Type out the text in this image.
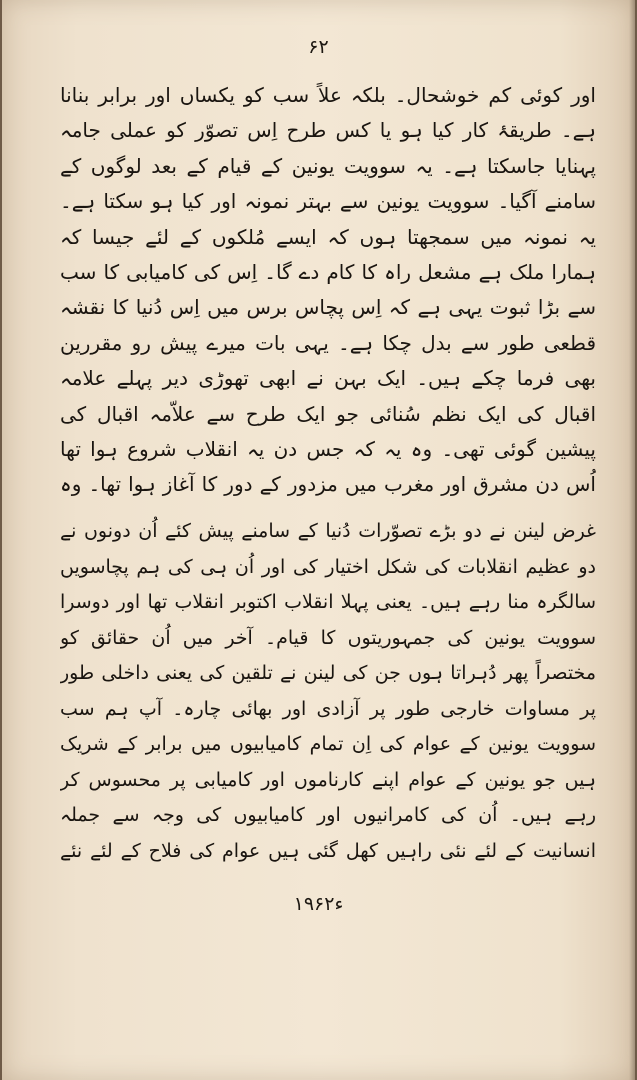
۶۲

اور کوئی کم خوشحال۔ بلکہ علاً سب کو یکساں اور برابر بنانا ہے۔ طریقۂ کار کیا ہو یا کس طرح اِس تصوّر کو عملی جامہ پہنایا جاسکتا ہے۔ یہ سوویت یونین کے قیام کے بعد لوگوں کے سامنے آگیا۔ سوویت یونین سے بہتر نمونہ اور کیا ہو سکتا ہے۔ یہ نمونہ میں سمجھتا ہوں کہ ایسے مُلکوں کے لئے جیسا کہ ہمارا ملک ہے مشعل راہ کا کام دے گا۔ اِس کی کامیابی کا سب سے بڑا ثبوت یہی ہے کہ اِس پچاس برس میں اِس دُنیا کا نقشہ قطعی طور سے بدل چکا ہے۔ یہی بات میرے پیش رو مقررین بھی فرما چکے ہیں۔ ایک بہن نے ابھی تھوڑی دیر پہلے علامہ اقبال کی ایک نظم سُنائی جو ایک طرح سے علاّمہ اقبال کی پیشین گوئی تھی۔ وہ یہ کہ جس دن یہ انقلاب شروع ہوا تھا اُس دن مشرق اور مغرب میں مزدور کے دور کا آغاز ہوا تھا۔ وہ

غرض لینن نے دو بڑے تصوّرات دُنیا کے سامنے پیش کئے اُن دونوں نے دو عظیم انقلابات کی شکل اختیار کی اور اُن ہی کی ہم پچاسویں سالگرہ منا رہے ہیں۔ یعنی پہلا انقلاب اکتوبر انقلاب تھا اور دوسرا سوویت یونین کی جمہوریتوں کا قیام۔ آخر میں اُن حقائق کو مختصراً پھر دُہراتا ہوں جن کی لینن نے تلقین کی یعنی داخلی طور پر مساوات خارجی طور پر آزادی اور بھائی چارہ۔ آپ ہم سب سوویت یونین کے عوام کی اِن تمام کامیابیوں میں برابر کے شریک ہیں جو یونین کے عوام اپنے کارناموں اور کامیابی پر محسوس کر رہے ہیں۔ اُن کی کامرانیوں اور کامیابیوں کی وجہ سے جملہ انسانیت کے لئے نئی راہیں کھل گئی ہیں عوام کی فلاح کے لئے نئے

۱۹۶۲ء
